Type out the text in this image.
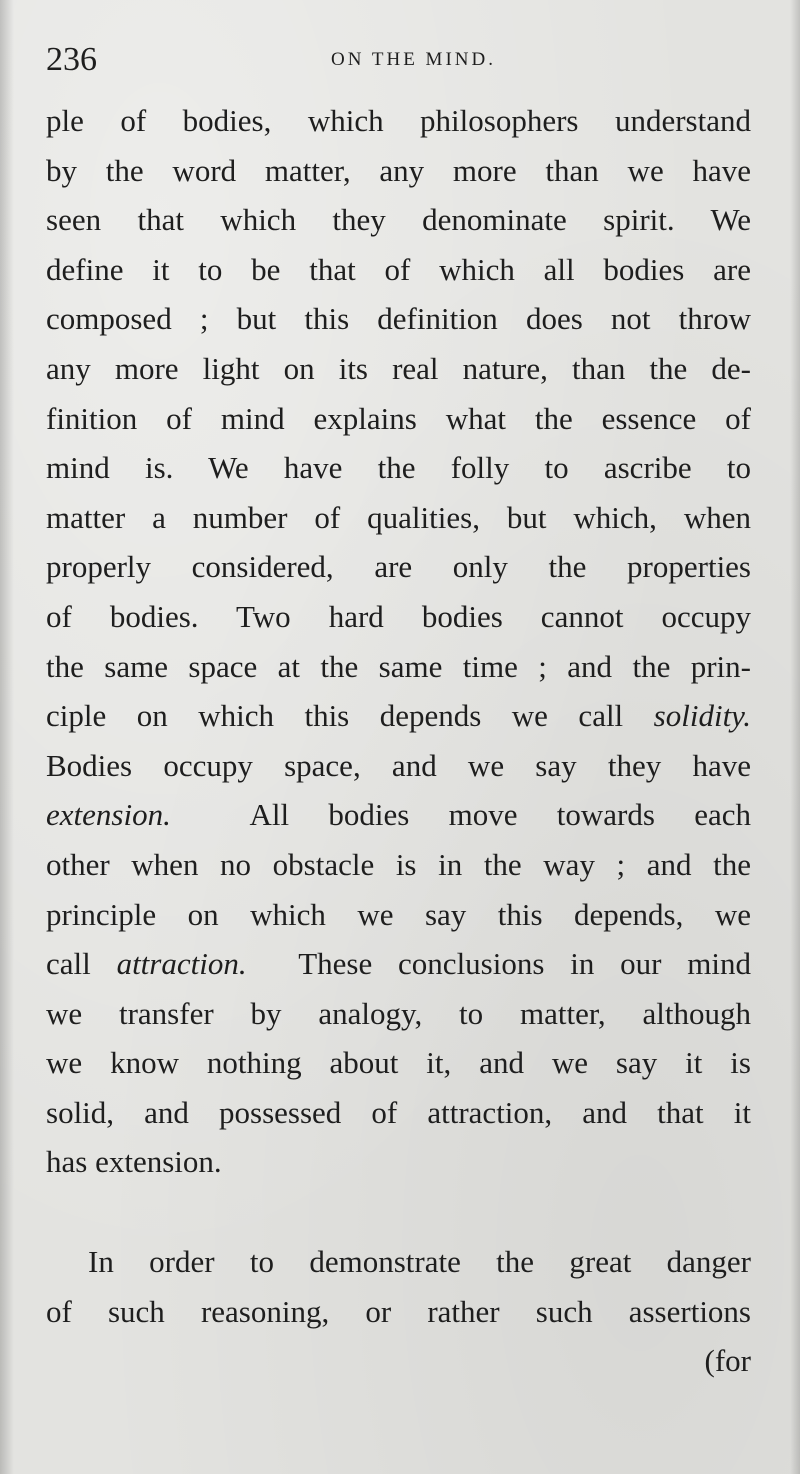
236	ON THE MIND.
ple of bodies, which philosophers understand
by the word matter, any more than we have
seen that which they denominate spirit. We
define it to be that of which all bodies are
composed ; but this definition does not throw
any more light on its real nature, than the de-
finition of mind explains what the essence of
mind is. We have the folly to ascribe to
matter a number of qualities, but which, when
properly considered, are only the properties
of bodies. Two hard bodies cannot occupy
the same space at the same time ; and the prin-
ciple on which this depends we call solidity.
Bodies occupy space, and we say they have
extension.	All bodies move towards each
other when no obstacle is in the way ; and the
principle on which we say this depends, we
call attraction. These conclusions in our mind
we transfer by analogy, to matter, although
we know nothing about it, and we say it is
solid, and possessed of attraction, and that it
has extension.
In order to demonstrate the great danger
of such reasoning, or rather such assertions
(for
